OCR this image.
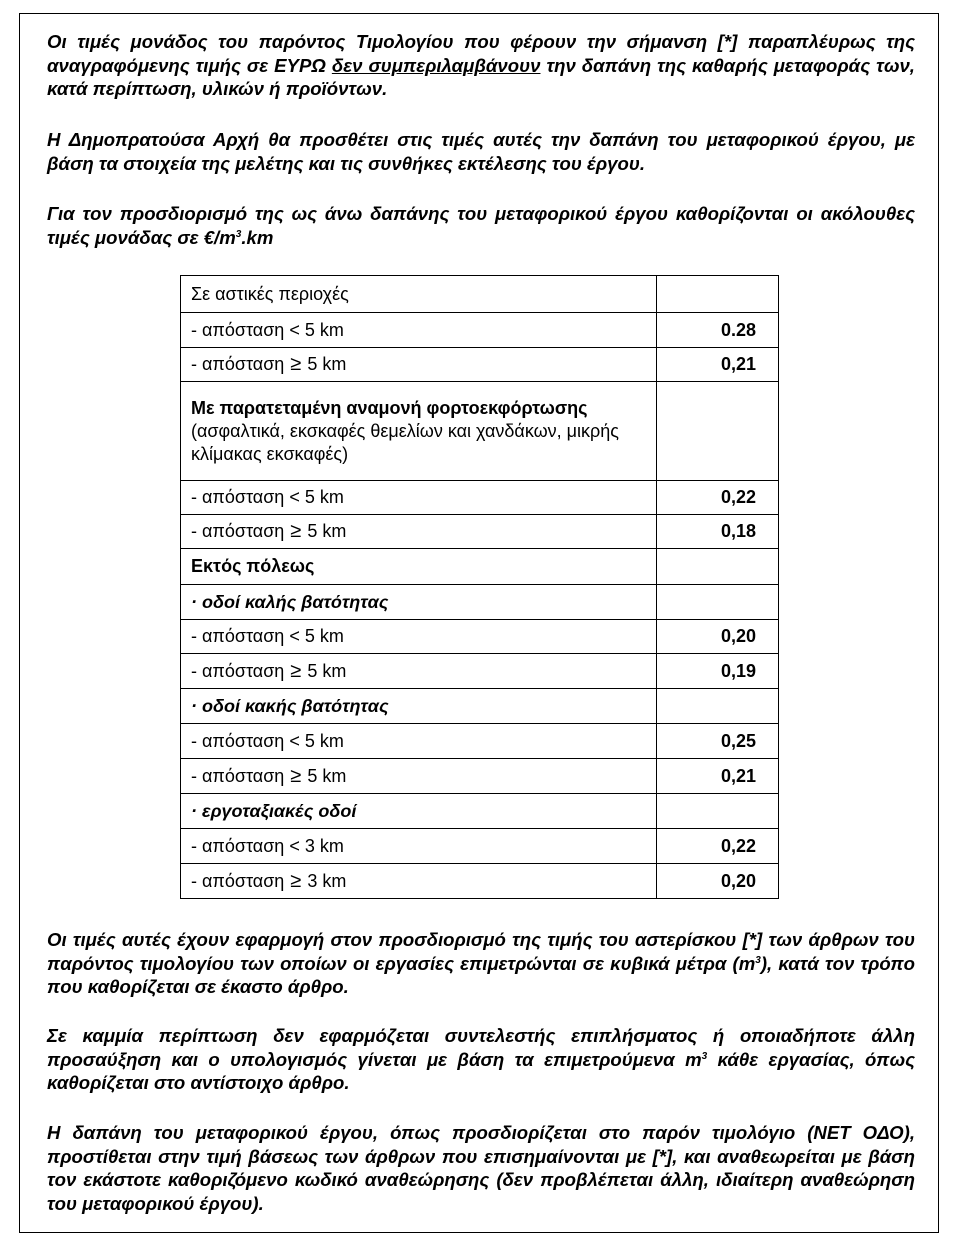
Οι τιμές μονάδος του παρόντος Τιμολογίου που φέρουν την σήμανση [*] παραπλέυρως της αναγραφόμενης τιμής σε ΕΥΡΩ δεν συμπεριλαμβάνουν την δαπάνη της καθαρής μεταφοράς των, κατά περίπτωση, υλικών ή προϊόντων.

Η Δημοπρατούσα Αρχή θα προσθέτει στις τιμές αυτές την δαπάνη του μεταφορικού έργου, με βάση τα στοιχεία της μελέτης και τις συνθήκες εκτέλεσης του έργου.

Για τον προσδιορισμό της ως άνω δαπάνης του μεταφορικού έργου καθορίζονται οι ακόλουθες τιμές μονάδας σε $€/m^3.km$

Σε αστικές περιοχές	
- απόσταση < 5 km	0.28
- απόσταση ≥ 5 km	0,21
Με παρατεταμένη αναμονή φορτοεκφόρτωσης (ασφαλτικά, εκσκαφές θεμελίων και χανδάκων, μικρής κλίμακας εκσκαφές)	
- απόσταση < 5 km	0,22
- απόσταση ≥ 5 km	0,18
Εκτός πόλεως	
· οδοί καλής βατότητας	
- απόσταση < 5 km	0,20
- απόσταση ≥ 5 km	0,19
· οδοί κακής βατότητας	
- απόσταση < 5 km	0,25
- απόσταση ≥ 5 km	0,21
· εργοταξιακές οδοί	
- απόσταση < 3 km	0,22
- απόσταση ≥ 3 km	0,20

Οι τιμές αυτές έχουν εφαρμογή στον προσδιορισμό της τιμής του αστερίσκου [*] των άρθρων του παρόντος τιμολογίου των οποίων οι εργασίες επιμετρώνται σε κυβικά μέτρα $(m^3)$, κατά τον τρόπο που καθορίζεται σε έκαστο άρθρο.

Σε καμμία περίπτωση δεν εφαρμόζεται συντελεστής επιπλήσματος ή οποιαδήποτε άλλη προσαύξηση και ο υπολογισμός γίνεται με βάση τα επιμετρούμενα $m^3$ κάθε εργασίας, όπως καθορίζεται στο αντίστοιχο άρθρο.

Η δαπάνη του μεταφορικού έργου, όπως προσδιορίζεται στο παρόν τιμολόγιο (ΝΕΤ ΟΔΟ), προστίθεται στην τιμή βάσεως των άρθρων που επισημαίνονται με [*], και αναθεωρείται με βάση τον εκάστοτε καθοριζόμενο κωδικό αναθεώρησης (δεν προβλέπεται άλλη, ιδιαίτερη αναθεώρηση του μεταφορικού έργου).
